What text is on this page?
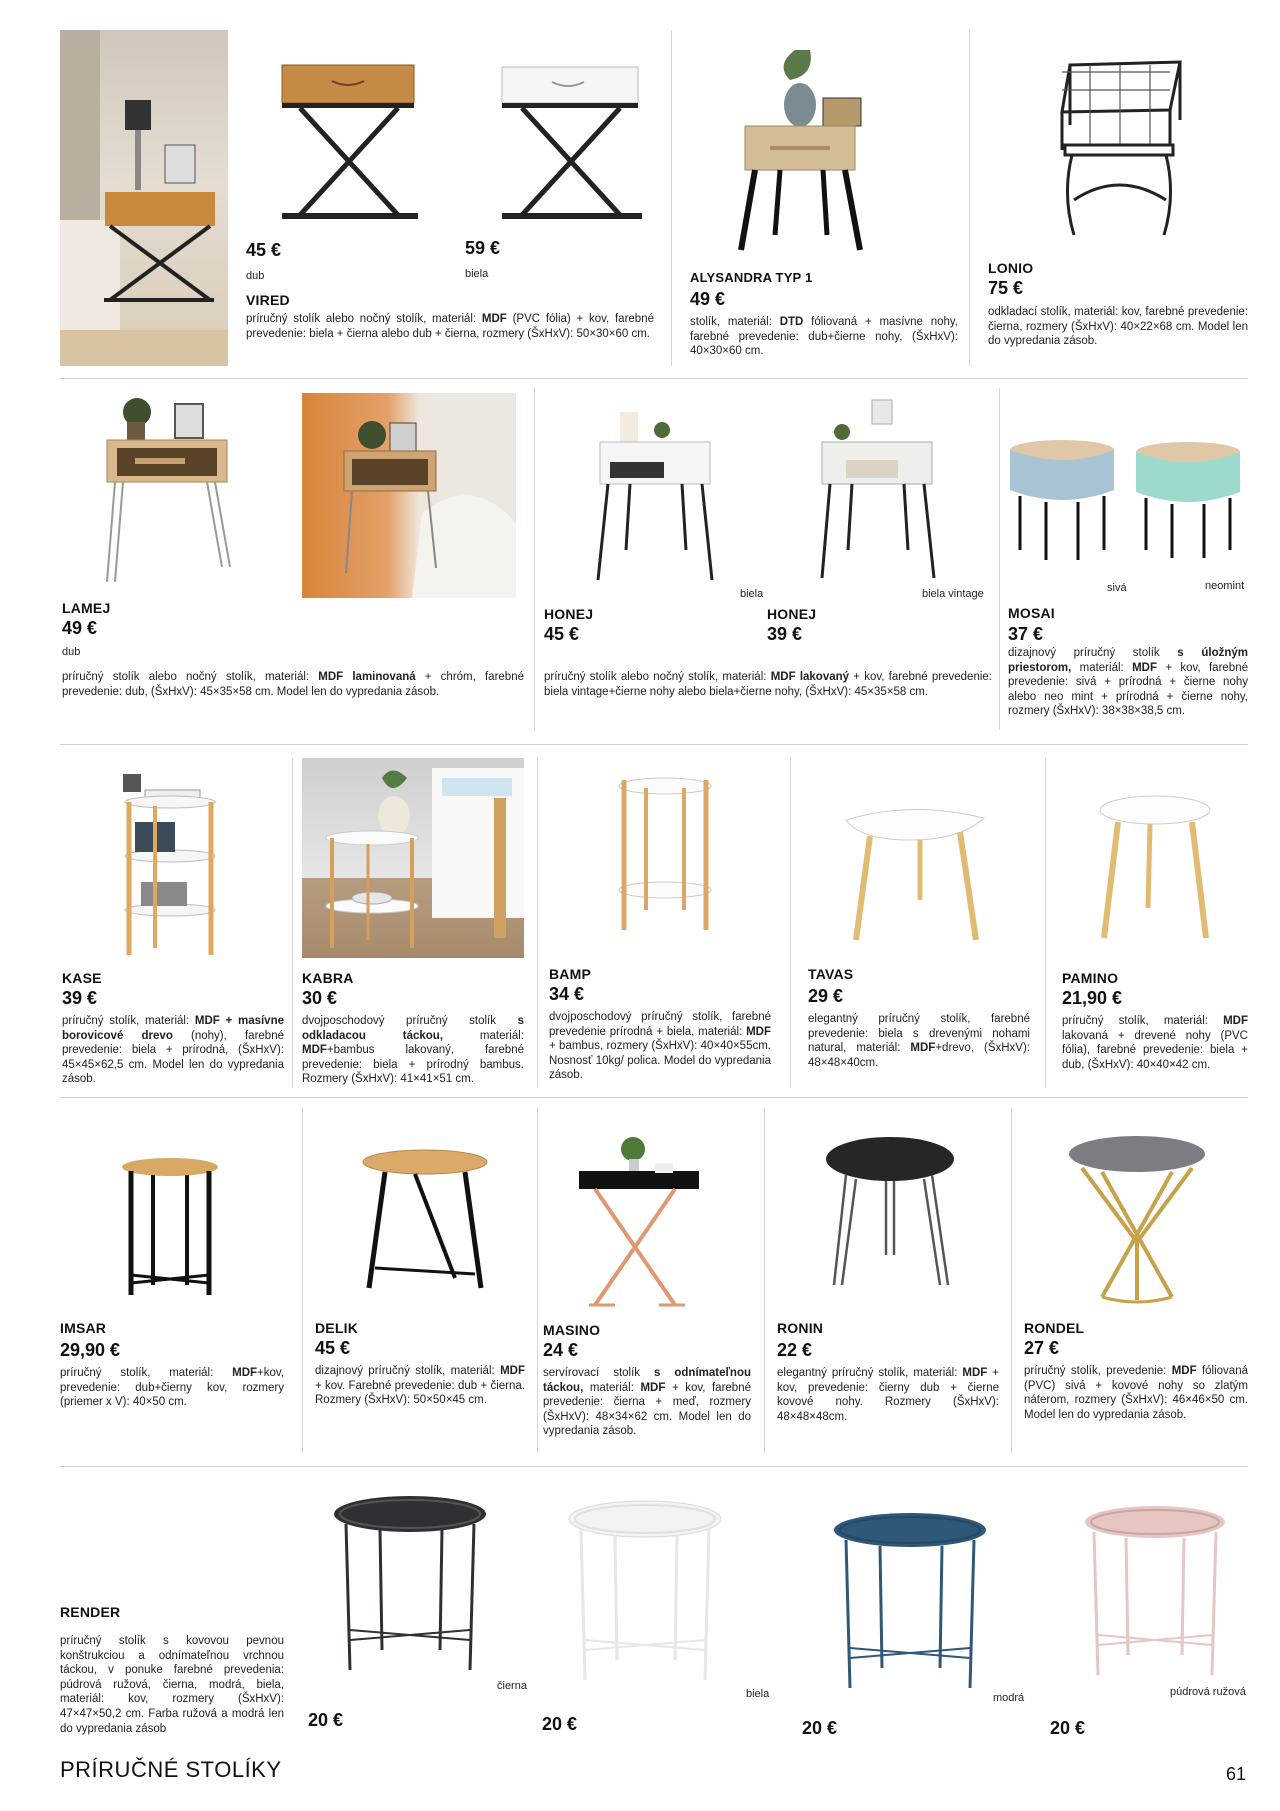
45 €
dub
59 €
biela
VIRED
príručný stolík alebo nočný stolík, materiál: MDF (PVC fólia) + kov, farebné prevedenie: biela + čierna alebo dub + čierna, rozmery (ŠxHxV): 50×30×60 cm.
ALYSANDRA TYP 1
49 €
stolík, materiál: DTD fóliovaná + masívne nohy, farebné prevedenie: dub+čierne nohy, (ŠxHxV): 40×30×60 cm.
LONIO
75 €
odkladací stolík, materiál: kov, farebné prevedenie: čierna, rozmery (ŠxHxV): 40×22×68 cm. Model len do vypredania zásob.
LAMEJ
49 €
dub
príručný stolík alebo nočný stolík, materiál: MDF laminovaná + chróm, farebné prevedenie: dub, (ŠxHxV): 45×35×58 cm. Model len do vypredania zásob.
biela	biela vintage
HONEJ
45 €
HONEJ
39 €
príručný stolík alebo nočný stolík, materiál: MDF lakovaný + kov, farebné prevedenie: biela vintage+čierne nohy alebo biela+čierne nohy, (ŠxHxV): 45×35×58 cm.
sivá	neomint
MOSAI
37 €
dizajnový príručný stolík s úložným priestorom, materiál: MDF + kov, farebné prevedenie: sivá + prírodná + čierne nohy alebo neo mint + prírodná + čierne nohy, rozmery (ŠxHxV): 38×38×38,5 cm.
KASE
39 €
príručný stolík, materiál: MDF + masívne borovicové drevo (nohy), farebné prevedenie: biela + prírodná, (ŠxHxV): 45×45×62,5 cm. Model len do vypredania zásob.
KABRA
30 €
dvojposchodový príručný stolík s odkladacou táckou, materiál: MDF+bambus lakovaný, farebné prevedenie: biela + prírodný bambus. Rozmery (ŠxHxV): 41×41×51 cm.
BAMP
34 €
dvojposchodový príručný stolík, farebné prevedenie prírodná + biela, materiál: MDF + bambus, rozmery (ŠxHxV): 40×40×55cm. Nosnosť 10kg/ polica. Model do vypredania zásob.
TAVAS
29 €
elegantný príručný stolík, farebné prevedenie: biela s drevenými nohami natural, materiál: MDF+drevo, (ŠxHxV): 48×48×40cm.
PAMINO
21,90 €
príručný stolík, materiál: MDF lakovaná + drevené nohy (PVC fólia), farebné prevedenie: biela + dub, (ŠxHxV): 40×40×42 cm.
IMSAR
29,90 €
príručný stolík, materiál: MDF+kov, prevedenie: dub+čierny kov, rozmery (priemer x V): 40×50 cm.
DELIK
45 €
dizajnový príručný stolík, materiál: MDF + kov. Farebné prevedenie: dub + čierna. Rozmery (ŠxHxV): 50×50×45 cm.
MASINO
24 €
servírovací stolík s odnímateľnou táckou, materiál: MDF + kov, farebné prevedenie: čierna + meď, rozmery (ŠxHxV): 48×34×62 cm. Model len do vypredania zásob.
RONIN
22 €
elegantný príručný stolík, materiál: MDF + kov, prevedenie: čierny dub + čierne kovové nohy. Rozmery (ŠxHxV): 48×48×48cm.
RONDEL
27 €
príručný stolík, prevedenie: MDF fóliovaná (PVC) sivá + kovové nohy so zlatým náterom, rozmery (ŠxHxV): 46×46×50 cm. Model len do vypredania zásob.
RENDER
príručný stolík s kovovou pevnou konštrukciou a odnímateľnou vrchnou táckou, v ponuke farebné prevedenia: púdrová ružová, čierna, modrá, biela, materiál: kov, rozmery (ŠxHxV): 47×47×50,2 cm. Farba ružová a modrá len do vypredania zásob
čierna
20 €
biela
20 €
modrá
20 €
púdrová ružová
20 €
PRÍRUČNÉ STOLÍKY	61
